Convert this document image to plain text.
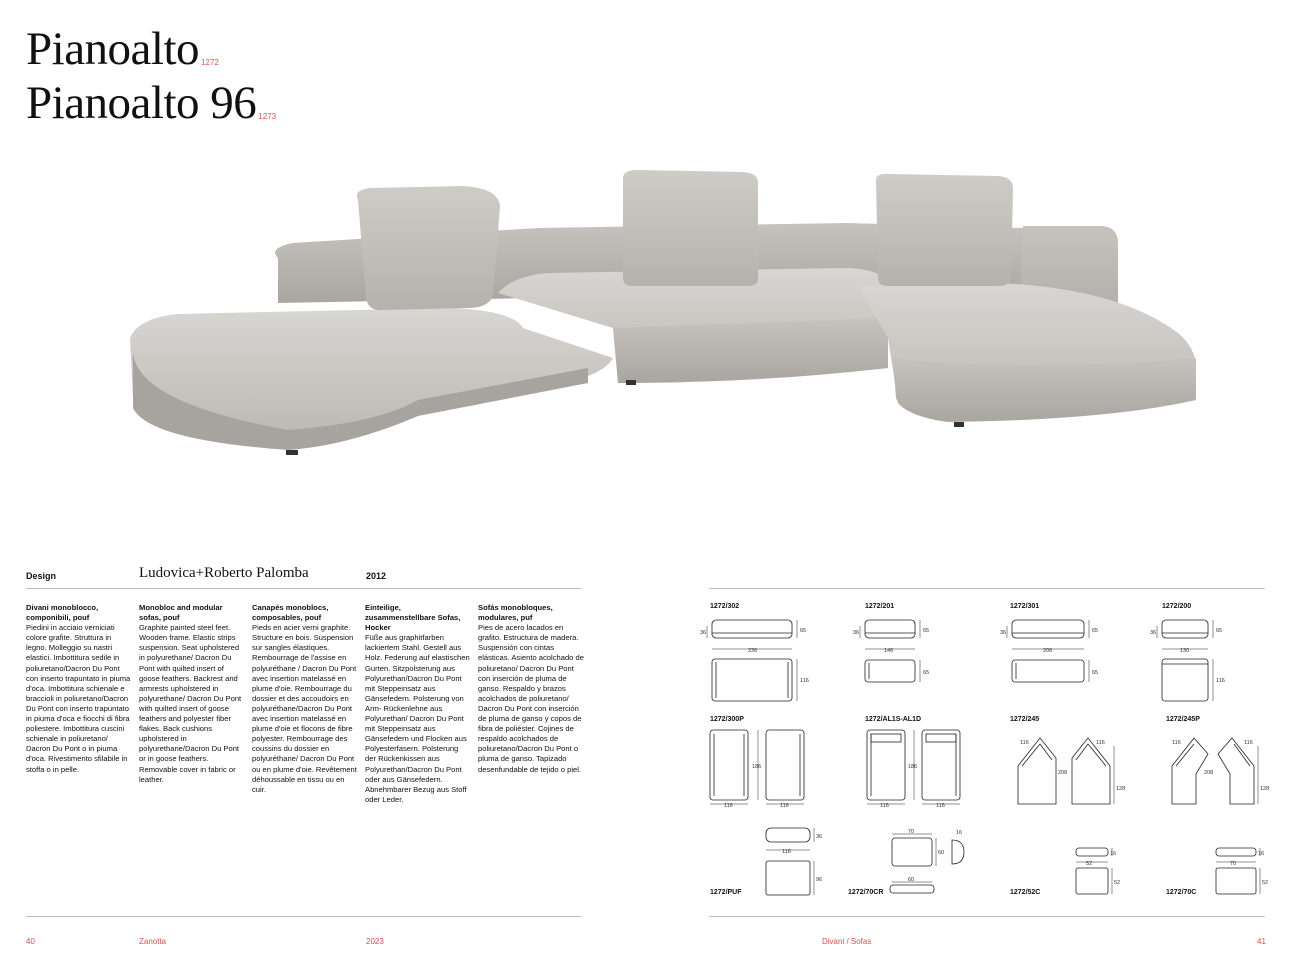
Pianoalto $^{1272}$
Pianoalto 96 $^{1273}$
Design	Ludovica+Roberto Palomba	2012
Divani monoblocco, componibili, pouf
Piedini in acciaio verniciati colore grafite. Struttura in legno. Molleggio su nastri elastici. Imbottitura sedile in poliuretano/Dacron Du Pont con inserto trapuntato in piuma d'oca. Imbottitura schienale e braccioli in poliuretano/Dacron Du Pont con inserto trapuntato in piuma d'oca e fiocchi di fibra poliestere. Imbottitura cuscini schienale in poliuretano/ Dacron Du Pont o in piuma d'oca. Rivestimento sfilabile in stoffa o in pelle.
Monobloc and modular sofas, pouf
Graphite painted steel feet. Wooden frame. Elastic strips suspension. Seat upholstered in polyurethane/ Dacron Du Pont with quilted insert of goose feathers. Backrest and armrests upholstered in polyurethane/ Dacron Du Pont with quilted insert of goose feathers and polyester fiber flakes. Back cushions upholstered in polyurethane/Dacron Du Pont or in goose feathers. Removable cover in fabric or leather.
Canapés monoblocs, composables, pouf
Pieds en acier verni graphite. Structure en bois. Suspension sur sangles élastiques. Rembourrage de l'assise en polyuréthane / Dacron Du Pont avec insertion matelassé en plume d'oie. Rembourrage du dossier et des accoudoirs en polyuréthane/Dacron Du Pont avec insertion matelassé en plume d'oie et flocons de fibre polyester. Rembourrage des coussins du dossier en polyuréthane/ Dacron Du Pont ou en plume d'oie. Revêtement déhoussable en tissu ou en cuir.
Einteilige, zusammenstellbare Sofas, Hocker
Füße aus graphitfarben lackiertem Stahl. Gestell aus Holz. Federung auf elastischen Gurten. Sitzpolsterung aus Polyurethan/Dacron Du Pont mit Steppeinsatz aus Gänsefedern. Polsterung von Arm- Rückenlehne aus Polyurethan/ Dacron Du Pont mit Steppeinsatz aus Gänsefedern und Flocken aus Polyesterfasern. Polsterung der Rückenkissen aus Polyurethan/Dacron Du Pont oder aus Gänsefedern. Abnehmbarer Bezug aus Stoff oder Leder.
Sofás monobloques, modulares, puf
Pies de acero lacados en grafito. Estructura de madera. Suspensión con cintas elásticas. Asiento acolchado de poliuretano/ Dacron Du Pont con inserción de pluma de ganso. Respaldo y brazos acolchados de poliuretano/ Dacron Du Pont con inserción de pluma de ganso y copos de fibra de poliéster. Cojines de respaldo acolchados de poliuretano/Dacron Du Pont o pluma de ganso. Tapizado desenfundable de tejido o piel.
1272/302	1272/201	1272/301	1272/200
1272/300P	1272/AL1S-AL1D	1272/245	1272/245P
1272/PUF	1272/70CR	1272/52C	1272/70C
36	65
236
116
36	65
146
65
36	65
206
65
36	65
130
116
186
116	116
186
116	116
116	116
208
128
116	116
208
128
36
116
96
70	16
60
60
16
52
52
16
70
52
40	Zanotta	2023	Divani / Sofas	41
